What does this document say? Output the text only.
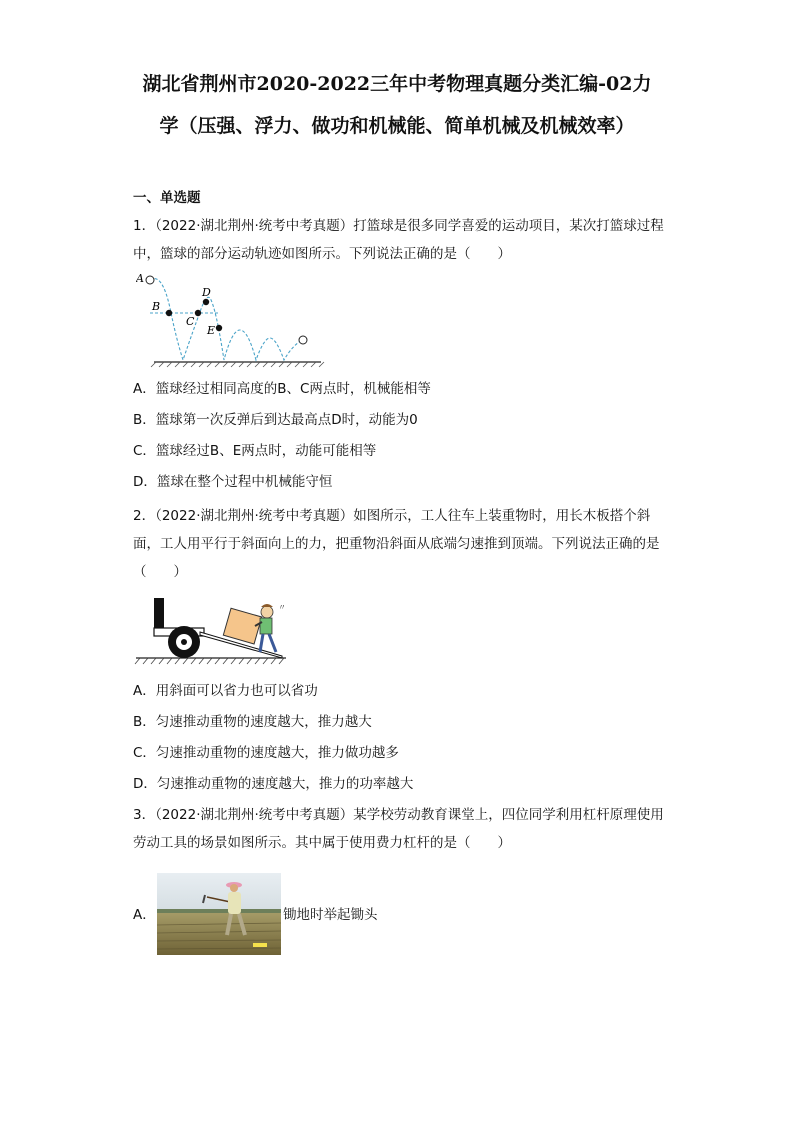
湖北省荆州市2020-2022三年中考物理真题分类汇编-02力
学（压强、浮力、做功和机械能、简单机械及机械效率）
一、单选题
1．（2022·湖北荆州·统考中考真题）打篮球是很多同学喜爱的运动项目，某次打篮球过程中，篮球的部分运动轨迹如图所示。下列说法正确的是（　　）
A
B
C
D
E
A．篮球经过相同高度的B、C两点时，机械能相等
B．篮球第一次反弹后到达最高点D时，动能为0
C．篮球经过B、E两点时，动能可能相等
D．篮球在整个过程中机械能守恒
2．（2022·湖北荆州·统考中考真题）如图所示，工人往车上装重物时，用长木板搭个斜面，工人用平行于斜面向上的力，把重物沿斜面从底端匀速推到顶端。下列说法正确的是（　　）
〃
A．用斜面可以省力也可以省功
B．匀速推动重物的速度越大，推力越大
C．匀速推动重物的速度越大，推力做功越多
D．匀速推动重物的速度越大，推力的功率越大
3．（2022·湖北荆州·统考中考真题）某学校劳动教育课堂上，四位同学利用杠杆原理使用劳动工具的场景如图所示。其中属于使用费力杠杆的是（　　）
A．	锄地时举起锄头
